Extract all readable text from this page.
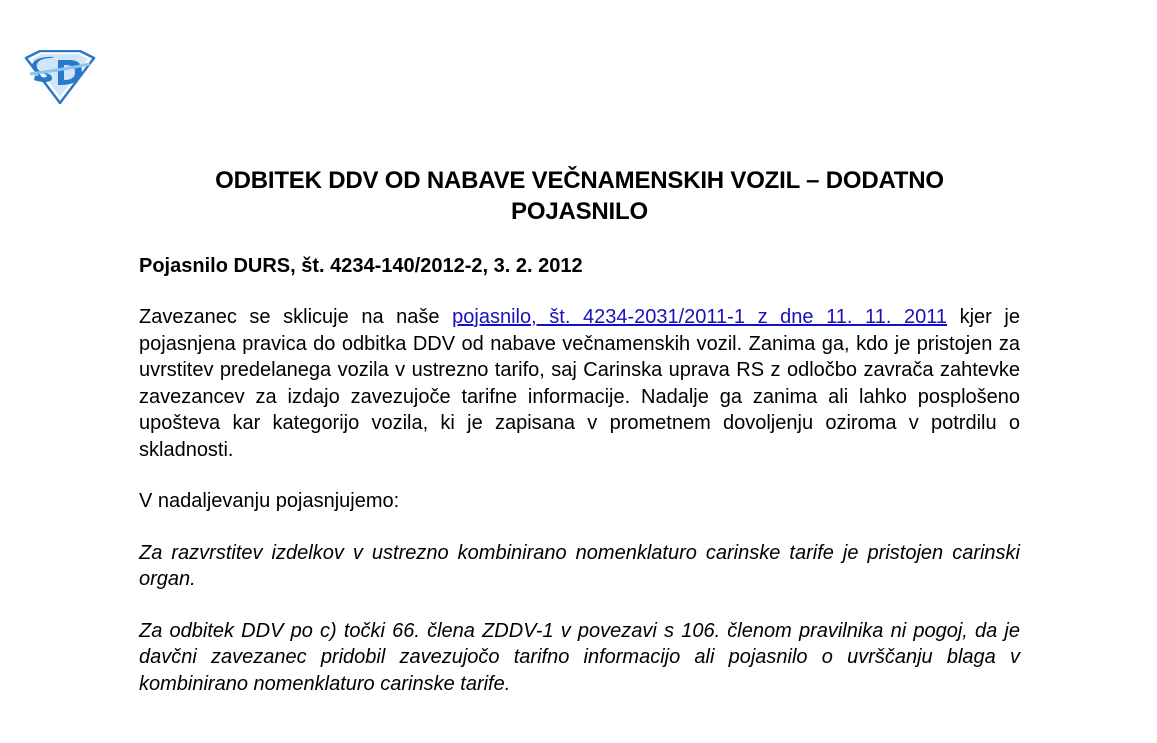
ODBITEK DDV OD NABAVE VEČNAMENSKIH VOZIL – DODATNO
POJASNILO
Pojasnilo DURS, št. 4234-140/2012-2, 3. 2. 2012

Zavezanec se sklicuje na naše pojasnilo, št. 4234-2031/2011-1 z dne 11. 11. 2011 kjer je pojasnjena pravica do odbitka DDV od nabave večnamenskih vozil. Zanima ga, kdo je pristojen za uvrstitev predelanega vozila v ustrezno tarifo, saj Carinska uprava RS z odločbo zavrača zahtevke zavezancev za izdajo zavezujoče tarifne informacije. Nadalje ga zanima ali lahko posplošeno upošteva kar kategorijo vozila, ki je zapisana v prometnem dovoljenju oziroma v potrdilu o skladnosti.

V nadaljevanju pojasnjujemo:

Za razvrstitev izdelkov v ustrezno kombinirano nomenklaturo carinske tarife je pristojen carinski organ.

Za odbitek DDV po c) točki 66. člena ZDDV-1 v povezavi s 106. členom pravilnika ni pogoj, da je davčni zavezanec pridobil zavezujočo tarifno informacijo ali pojasnilo o uvrščanju blaga v kombinirano nomenklaturo carinske tarife.
